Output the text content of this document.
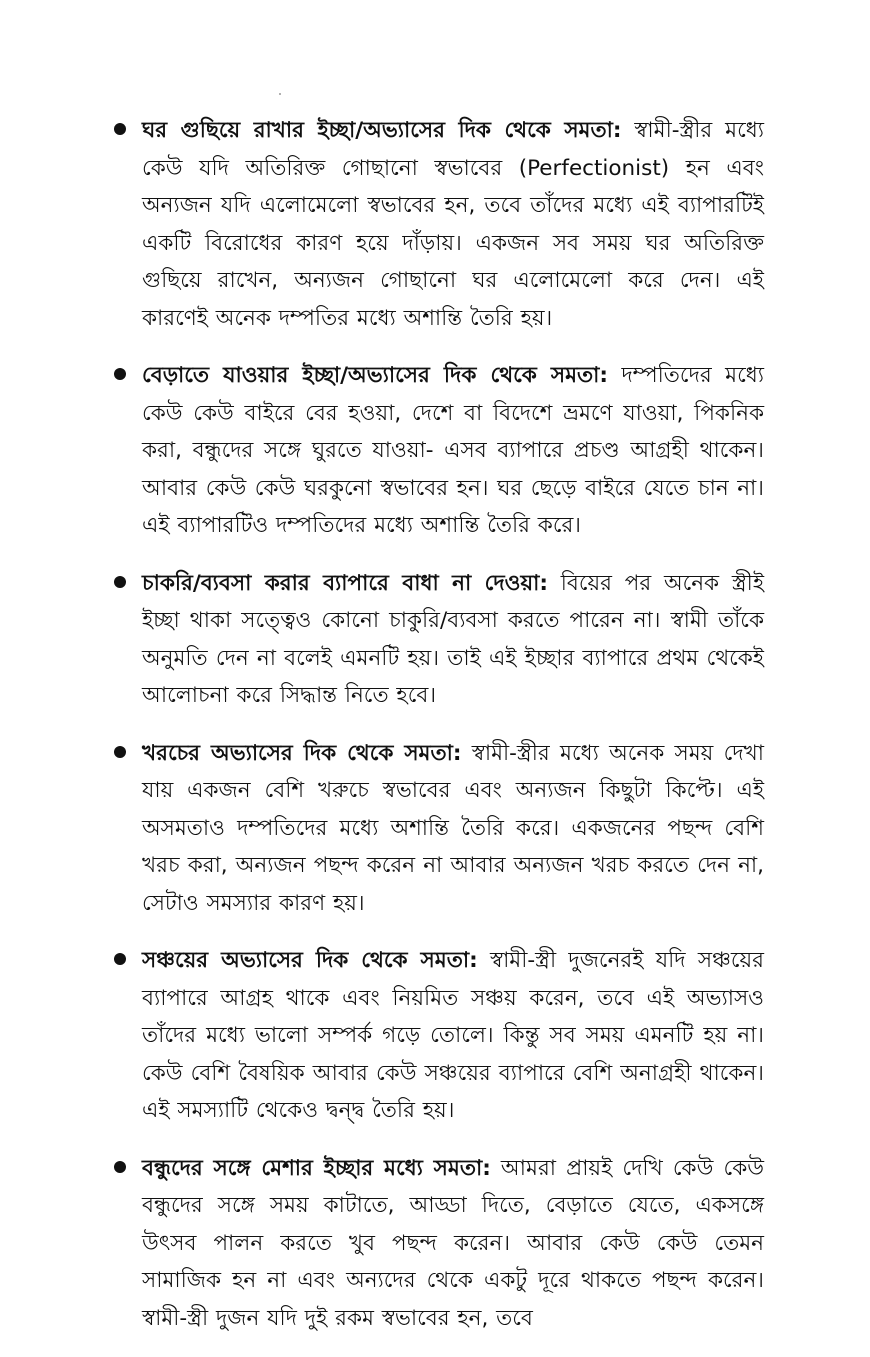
ঘর গুছিয়ে রাখার ইচ্ছা/অভ্যাসের দিক থেকে সমতা: স্বামী-স্ত্রীর মধ্যে কেউ যদি অতিরিক্ত গোছানো স্বভাবের (Perfectionist) হন এবং অন্যজন যদি এলোমেলো স্বভাবের হন, তবে তাঁদের মধ্যে এই ব্যাপারটিই একটি বিরোধের কারণ হয়ে দাঁড়ায়। একজন সব সময় ঘর অতিরিক্ত গুছিয়ে রাখেন, অন্যজন গোছানো ঘর এলোমেলো করে দেন। এই কারণেই অনেক দম্পতির মধ্যে অশান্তি তৈরি হয়।
বেড়াতে যাওয়ার ইচ্ছা/অভ্যাসের দিক থেকে সমতা: দম্পতিদের মধ্যে কেউ কেউ বাইরে বের হওয়া, দেশে বা বিদেশে ভ্রমণে যাওয়া, পিকনিক করা, বন্ধুদের সঙ্গে ঘুরতে যাওয়া- এসব ব্যাপারে প্রচণ্ড আগ্রহী থাকেন। আবার কেউ কেউ ঘরকুনো স্বভাবের হন। ঘর ছেড়ে বাইরে যেতে চান না। এই ব্যাপারটিও দম্পতিদের মধ্যে অশান্তি তৈরি করে।
চাকরি/ব্যবসা করার ব্যাপারে বাধা না দেওয়া: বিয়ের পর অনেক স্ত্রীই ইচ্ছা থাকা সত্ত্বেও কোনো চাকুরি/ব্যবসা করতে পারেন না। স্বামী তাঁকে অনুমতি দেন না বলেই এমনটি হয়। তাই এই ইচ্ছার ব্যাপারে প্রথম থেকেই আলোচনা করে সিদ্ধান্ত নিতে হবে।
খরচের অভ্যাসের দিক থেকে সমতা: স্বামী-স্ত্রীর মধ্যে অনেক সময় দেখা যায় একজন বেশি খরুচে স্বভাবের এবং অন্যজন কিছুটা কিপ্টে। এই অসমতাও দম্পতিদের মধ্যে অশান্তি তৈরি করে। একজনের পছন্দ বেশি খরচ করা, অন্যজন পছন্দ করেন না আবার অন্যজন খরচ করতে দেন না, সেটাও সমস্যার কারণ হয়।
সঞ্চয়ের অভ্যাসের দিক থেকে সমতা: স্বামী-স্ত্রী দুজনেরই যদি সঞ্চয়ের ব্যাপারে আগ্রহ থাকে এবং নিয়মিত সঞ্চয় করেন, তবে এই অভ্যাসও তাঁদের মধ্যে ভালো সম্পর্ক গড়ে তোলে। কিন্তু সব সময় এমনটি হয় না। কেউ বেশি বৈষয়িক আবার কেউ সঞ্চয়ের ব্যাপারে বেশি অনাগ্রহী থাকেন। এই সমস্যাটি থেকেও দ্বন্দ্ব তৈরি হয়।
বন্ধুদের সঙ্গে মেশার ইচ্ছার মধ্যে সমতা: আমরা প্রায়ই দেখি কেউ কেউ বন্ধুদের সঙ্গে সময় কাটাতে, আড্ডা দিতে, বেড়াতে যেতে, একসঙ্গে উৎসব পালন করতে খুব পছন্দ করেন। আবার কেউ কেউ তেমন সামাজিক হন না এবং অন্যদের থেকে একটু দূরে থাকতে পছন্দ করেন। স্বামী-স্ত্রী দুজন যদি দুই রকম স্বভাবের হন, তবে
